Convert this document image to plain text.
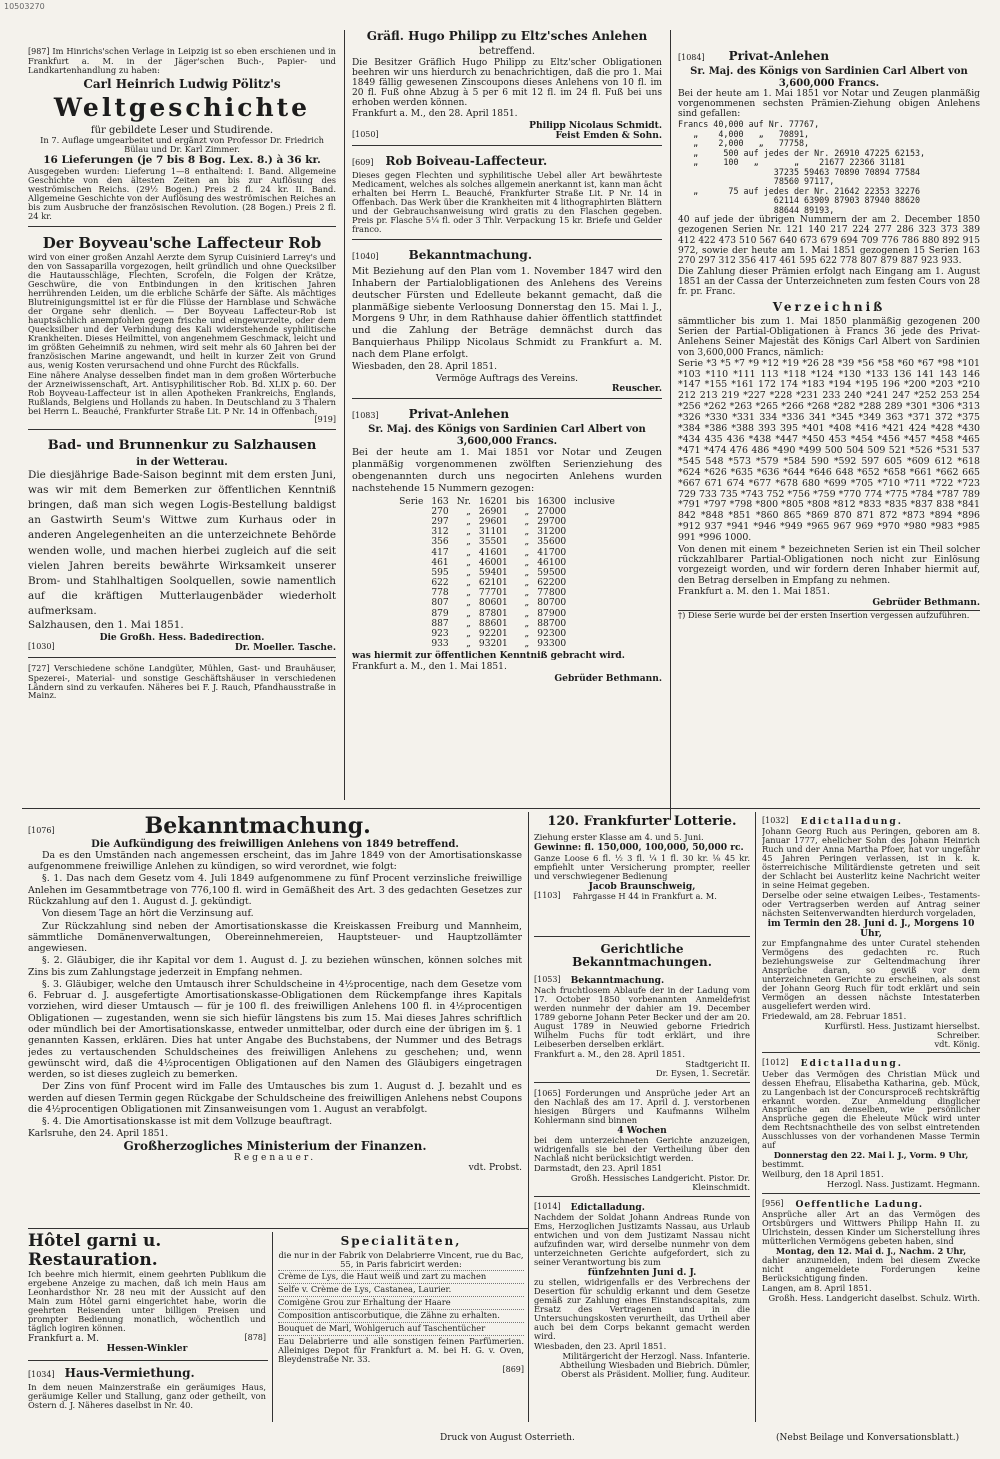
10503270

[987] Im Hinrichs'schen Verlage in Leipzig ist so eben erschienen und in Frankfurt a. M. in der Jäger'schen Buch-, Papier- und Landkartenhandlung zu haben:

Carl Heinrich Ludwig Pölitz's
Weltgeschichte
für gebildete Leser und Studirende.

In 7. Auflage umgearbeitet und ergänzt von Professor Dr. Friedrich Bülau und Dr. Karl Zimmer.

16 Lieferungen (je 7 bis 8 Bog. Lex. 8.) à 36 kr.

Ausgegeben wurden: Lieferung 1—8 enthaltend: I. Band. Allgemeine Geschichte von den ältesten Zeiten an bis zur Auflösung des weströmischen Reichs. (29½ Bogen.) Preis 2 fl. 24 kr. II. Band. Allgemeine Geschichte von der Auflösung des weströmischen Reiches an bis zum Ausbruche der französischen Revolution. (28 Bogen.) Preis 2 fl. 24 kr.

Der Boyveau'sche Laffecteur Rob

wird von einer großen Anzahl Aerzte dem Syrup Cuisinierd Larrey's und den von Sassaparilla vorgezogen, heilt gründlich und ohne Quecksilber die Hautausschläge, Flechten, Scrofeln, die Folgen der Krätze, Geschwüre, die von Entbindungen in den kritischen Jahren herrührenden Leiden, um die erbliche Schärfe der Säfte. Als mächtiges Blutreinigungsmittel ist er für die Flüsse der Harnblase und Schwäche der Organe sehr dienlich. — Der Boyveau Laffecteur-Rob ist hauptsächlich anempfohlen gegen frische und eingewurzelte, oder dem Quecksilber und der Verbindung des Kali widerstehende syphilitische Krankheiten. Dieses Heilmittel, von angenehmem Geschmack, leicht und im größten Geheimniß zu nehmen, wird seit mehr als 60 Jahren bei der französischen Marine angewandt, und heilt in kurzer Zeit von Grund aus, wenig Kosten verursachend und ohne Furcht des Rückfalls.

Eine nähere Analyse desselben findet man in dem großen Wörterbuche der Arzneiwissenschaft, Art. Antisyphilitischer Rob. Bd. XLIX p. 60. Der Rob Boyveau-Laffecteur ist in allen Apotheken Frankreichs, Englands, Rußlands, Belgiens und Hollands zu haben. In Deutschland zu 3 Thalern bei Herrn L. Beauché, Frankfurter Straße Lit. P Nr. 14 in Offenbach.

[919]
Bad- und Brunnenkur zu Salzhausen
in der Wetterau.

Die diesjährige Bade-Saison beginnt mit dem ersten Juni, was wir mit dem Bemerken zur öffentlichen Kenntniß bringen, daß man sich wegen Logis-Bestellung baldigst an Gastwirth Seum's Wittwe zum Kurhaus oder in anderen Angelegenheiten an die unterzeichnete Behörde wenden wolle, und machen hierbei zugleich auf die seit vielen Jahren bereits bewährte Wirksamkeit unserer Brom- und Stahlhaltigen Soolquellen, sowie namentlich auf die kräftigen Mutterlaugenbäder wiederholt aufmerksam.

Salzhausen, den 1. Mai 1851.

Die Großh. Hess. Badedirection.
[1030]	Dr. Moeller. Tasche.

[727] Verschiedene schöne Landgüter, Mühlen, Gast- und Brauhäuser, Spezerei-, Material- und sonstige Geschäftshäuser in verschiedenen Ländern sind zu verkaufen. Näheres bei F. J. Rauch, Pfandhausstraße in Mainz.

Gräfl. Hugo Philipp zu Eltz'sches Anlehen
betreffend.

Die Besitzer Gräflich Hugo Philipp zu Eltz'scher Obligationen beehren wir uns hierdurch zu benachrichtigen, daß die pro 1. Mai 1849 fällig gewesenen Zinscoupons dieses Anlehens von 10 fl. im 20 fl. Fuß ohne Abzug à 5 per 6 mit 12 fl. im 24 fl. Fuß bei uns erhoben werden können.

Frankfurt a. M., den 28. April 1851.

Philipp Nicolaus Schmidt.
[1050]	Feist Emden & Sohn.
[609] Rob Boiveau-Laffecteur.

Dieses gegen Flechten und syphilitische Uebel aller Art bewährteste Medicament, welches als solches allgemein anerkannt ist, kann man ächt erhalten bei Herrn L. Beauché, Frankfurter Straße Lit. P Nr. 14 in Offenbach. Das Werk über die Krankheiten mit 4 lithographirten Blättern und der Gebrauchsanweisung wird gratis zu den Flaschen gegeben. Preis pr. Flasche 5¼ fl. oder 3 Thlr. Verpackung 15 kr. Briefe und Gelder franco.

[1040]	Bekanntmachung.

Mit Beziehung auf den Plan vom 1. November 1847 wird den Inhabern der Partialobligationen des Anlehens des Vereins deutscher Fürsten und Edelleute bekannt gemacht, daß die planmäßige siebente Verloosung Donnerstag den 15. Mai l. J., Morgens 9 Uhr, in dem Rathhause dahier öffentlich stattfindet und die Zahlung der Beträge demnächst durch das Banquierhaus Philipp Nicolaus Schmidt zu Frankfurt a. M. nach dem Plane erfolgt.

Wiesbaden, den 28. April 1851.

Vermöge Auftrags des Vereins.
Reuscher.
[1083]	Privat-Anlehen
Sr. Maj. des Königs von Sardinien Carl Albert von 3,600,000 Francs.

Bei der heute am 1. Mai 1851 vor Notar und Zeugen planmäßig vorgenommenen zwölften Serienziehung des obengenannten durch uns negocirten Anlehens wurden nachstehende 15 Nummern gezogen:

Serie	163	Nr.	16201	bis	16300	inclusive
	270	„	26901	„	27000	
	297	„	29601	„	29700	
	312	„	31101	„	31200	
	356	„	35501	„	35600	
	417	„	41601	„	41700	
	461	„	46001	„	46100	
	595	„	59401	„	59500	
	622	„	62101	„	62200	
	778	„	77701	„	77800	
	807	„	80601	„	80700	
	879	„	87801	„	87900	
	887	„	88601	„	88700	
	923	„	92201	„	92300	
	933	„	93201	„	93300	

was hiermit zur öffentlichen Kenntniß gebracht wird.

Frankfurt a. M., den 1. Mai 1851.

Gebrüder Bethmann.
[1084] Privat-Anlehen
Sr. Maj. des Königs von Sardinien Carl Albert von 3,600,000 Francs.

Bei der heute am 1. Mai 1851 vor Notar und Zeugen planmäßig vorgenommenen sechsten Prämien-Ziehung obigen Anlehens sind gefallen:

Francs 40,000 auf Nr. 77767,
„    4,000   „   70891,
„    2,000   „   77758,
„     500 auf jedes der Nr. 26910 47225 62153,
„     100   „       „    21677 22366 31181
37235 59463 70890 70894 77584
78560 97117,
„      75 auf jedes der Nr. 21642 22353 32276
62114 63909 87903 87940 88620
88644 89193,

40 auf jede der übrigen Nummern der am 2. December 1850 gezogenen Serien Nr. 121 140 217 224 277 286 323 373 389 412 422 473 510 567 640 673 679 694 709 776 786 880 892 915 972, sowie der heute am 1. Mai 1851 gezogenen 15 Serien 163 270 297 312 356 417 461 595 622 778 807 879 887 923 933.

Die Zahlung dieser Prämien erfolgt nach Eingang am 1. August 1851 an der Cassa der Unterzeichneten zum festen Cours von 28 fr. pr. Franc.

Verzeichniß

sämmtlicher bis zum 1. Mai 1850 planmäßig gezogenen 200 Serien der Partial-Obligationen à Francs 36 jede des Privat-Anlehens Seiner Majestät des Königs Carl Albert von Sardinien von 3,600,000 Francs, nämlich:

Serie *3 *5 *7 *9 *12 *19 *26 28 *39 *56 *58 *60 *67 *98 *101 *103 *110 *111 113 *118 *124 *130 *133 136 141 143 146 *147 *155 *161 172 174 *183 *194 *195 196 *200 *203 *210 212 213 219 *227 *228 *231 233 240 *241 247 *252 253 254 *256 *262 *263 *265 *266 *268 *282 *288 289 *301 *306 *313 *326 *330 *331 334 *336 341 *345 *349 363 *371 372 *375 *384 *386 *388 393 395 *401 *408 *416 *421 424 *428 *430 *434 435 436 *438 *447 *450 453 *454 *456 *457 *458 *465 *471 *474 476 486 *490 *499 500 504 509 521 *526 *531 537 *545 548 *573 *579 *584 590 *592 597 605 *609 612 *618 *624 *626 *635 *636 *644 *646 648 *652 *658 *661 *662 665 *667 671 674 *677 *678 680 *699 *705 *710 *711 *722 *723 729 733 735 *743 752 *756 *759 *770 774 *775 *784 *787 789 *791 *797 *798 *800 *805 *808 *812 *833 *835 *837 838 *841 842 *848 *851 *860 865 *869 870 871 872 *873 *894 *896 *912 937 *941 *946 *949 *965 967 969 *970 *980 *983 *985 991 *996 1000.

Von denen mit einem * bezeichneten Serien ist ein Theil solcher rückzahlbarer Partial-Obligationen noch nicht zur Einlösung vorgezeigt worden, und wir fordern deren Inhaber hiermit auf, den Betrag derselben in Empfang zu nehmen.

Frankfurt a. M. den 1. Mai 1851.

Gebrüder Bethmann.

†) Diese Serie wurde bei der ersten Insertion vergessen aufzuführen.

[1076]	Bekanntmachung.
Die Aufkündigung des freiwilligen Anlehens von 1849 betreffend.

Da es den Umständen nach angemessen erscheint, das im Jahre 1849 von der Amortisationskasse aufgenommene freiwillige Anlehen zu kündigen, so wird verordnet, wie folgt:

§. 1. Das nach dem Gesetz vom 4. Juli 1849 aufgenommene zu fünf Procent verzinsliche freiwillige Anlehen im Gesammtbetrage von 776,100 fl. wird in Gemäßheit des Art. 3 des gedachten Gesetzes zur Rückzahlung auf den 1. August d. J. gekündigt.

Von diesem Tage an hört die Verzinsung auf.

Zur Rückzahlung sind neben der Amortisationskasse die Kreiskassen Freiburg und Mannheim, sämmtliche Domänenverwaltungen, Obereinnehmereien, Hauptsteuer- und Hauptzollämter angewiesen.

§. 2. Gläubiger, die ihr Kapital vor dem 1. August d. J. zu beziehen wünschen, können solches mit Zins bis zum Zahlungstage jederzeit in Empfang nehmen.

§. 3. Gläubiger, welche den Umtausch ihrer Schuldscheine in 4½procentige, nach dem Gesetze vom 6. Februar d. J. ausgefertigte Amortisationskasse-Obligationen dem Rückempfange ihres Kapitals vorziehen, wird dieser Umtausch — für je 100 fl. des freiwilligen Anlehens 100 fl. in 4½procentigen Obligationen — zugestanden, wenn sie sich hiefür längstens bis zum 15. Mai dieses Jahres schriftlich oder mündlich bei der Amortisationskasse, entweder unmittelbar, oder durch eine der übrigen im §. 1 genannten Kassen, erklären. Dies hat unter Angabe des Buchstabens, der Nummer und des Betrags jedes zu vertauschenden Schuldscheines des freiwilligen Anlehens zu geschehen; und, wenn gewünscht wird, daß die 4½procentigen Obligationen auf den Namen des Gläubigers eingetragen werden, so ist dieses zugleich zu bemerken.

Der Zins von fünf Procent wird im Falle des Umtausches bis zum 1. August d. J. bezahlt und es werden auf diesen Termin gegen Rückgabe der Schuldscheine des freiwilligen Anlehens nebst Coupons die 4½procentigen Obligationen mit Zinsanweisungen vom 1. August an verabfolgt.

§. 4. Die Amortisationskasse ist mit dem Vollzuge beauftragt.

Karlsruhe, den 24. April 1851.

Großherzogliches Ministerium der Finanzen.
Regenauer.
vdt. Probst.
Hôtel garni u. Restauration.

Ich beehre mich hiermit, einem geehrten Publikum die ergebene Anzeige zu machen, daß ich mein Haus am Leonhardsthor Nr. 28 neu mit der Aussicht auf den Main zum Hôtel garni eingerichtet habe, worin die geehrten Reisenden unter billigen Preisen und prompter Bedienung monatlich, wöchentlich und täglich logiren können.

Frankfurt a. M.	[878]
Hessen-Winkler
[1034] Haus-Vermiethung.

In dem neuen Mainzerstraße ein geräumiges Haus, geräumige Keller und Stallung, ganz oder getheilt, von Ostern d. J. Näheres daselbst in Nr. 40.

Specialitäten,

die nur in der Fabrik von Delabrierre Vincent, rue du Bac, 55, in Paris fabricirt werden:

Crème de Lys, die Haut weiß und zart zu machen

Selfe v. Crème de Lys, Castanea, Laurier.

Comigène Grou zur Erhaltung der Haare

Composition antiscorbutique, die Zähne zu erhalten.

Bouquet de Marl, Wohlgeruch auf Taschentücher

Eau Delabrierre und alle sonstigen feinen Parfümerien. Alleiniges Depot für Frankfurt a. M. bei H. G. v. Oven, Bleydenstraße Nr. 33.

[869]
120. Frankfurter Lotterie.

Ziehung erster Klasse am 4. und 5. Juni.

Gewinne: fl. 150,000, 100,000, 50,000 rc.

Ganze Loose 6 fl. ½ 3 fl. ¼ 1 fl. 30 kr. ⅛ 45 kr. empfiehlt unter Versicherung prompter, reeller und verschwiegener Bedienung

Jacob Braunschweig,
[1103] Fahrgasse H 44 in Frankfurt a. M.
Gerichtliche Bekanntmachungen.
[1053] Bekanntmachung.

Nach fruchtlosem Ablaufe der in der Ladung vom 17. October 1850 vorbenannten Anmeldefrist werden nunmehr der dahier am 19. December 1789 geborne Johann Peter Becker und der am 20. August 1789 in Neuwied geborne Friedrich Wilhelm Fuchs für todt erklärt, und ihre Leibeserben derselben erklärt.

Frankfurt a. M., den 28. April 1851.

Stadtgericht II.
Dr. Eysen, 1. Secretär.

[1065] Forderungen und Ansprüche jeder Art an den Nachlaß des am 17. April d. J. verstorbenen hiesigen Bürgers und Kaufmanns Wilhelm Kohlermann sind binnen

4 Wochen

bei dem unterzeichneten Gerichte anzuzeigen, widrigenfalls sie bei der Vertheilung über den Nachlaß nicht berücksichtigt werden.

Darmstadt, den 23. April 1851

Großh. Hessisches Landgericht. Pistor. Dr. Kleinschmidt.
[1014] Edictalladung.

Nachdem der Soldat Johann Andreas Runde von Ems, Herzoglichen Justizamts Nassau, aus Urlaub entwichen und von dem Justizamt Nassau nicht aufzufinden war, wird derselbe nunmehr von dem unterzeichneten Gerichte aufgefordert, sich zu seiner Verantwortung bis zum

fünfzehnten Juni d. J.

zu stellen, widrigenfalls er des Verbrechens der Desertion für schuldig erkannt und dem Gesetze gemäß zur Zahlung eines Einstandscapitals, zum Ersatz des Vertragenen und in die Untersuchungskosten verurtheilt, das Urtheil aber auch bei dem Corps bekannt gemacht werden wird.

Wiesbaden, den 23. April 1851.

Militärgericht der Herzogl. Nass. Infanterie. Abtheilung Wiesbaden und Biebrich. Dümler, Oberst als Präsident. Mollier, fung. Auditeur.
[1032] Edictalladung.

Johann Georg Ruch aus Peringen, geboren am 8. Januar 1777, ehelicher Sohn des Johann Heinrich Ruch und der Anna Martha Pfoer, hat vor ungefähr 45 Jahren Peringen verlassen, ist in k. k. österreichische Militärdienste getreten und seit der Schlacht bei Austerlitz keine Nachricht weiter in seine Heimat gegeben.

Derselbe oder seine etwaigen Leibes-, Testaments- oder Vertragserben werden auf Antrag seiner nächsten Seitenverwandten hierdurch vorgeladen,

im Termin den 28. Juni d. J., Morgens 10 Uhr,

zur Empfangnahme des unter Curatel stehenden Vermögens des gedachten rc. Ruch beziehungsweise zur Geltendmachung ihrer Ansprüche daran, so gewiß vor dem unterzeichneten Gerichte zu erscheinen, als sonst der Johann Georg Ruch für todt erklärt und sein Vermögen an dessen nächste Intestaterben ausgeliefert werden wird.

Friedewald, am 28. Februar 1851.

Kurfürstl. Hess. Justizamt hierselbst.
Schreiber.
vdt. König.
[1012] Edictalladung.

Ueber das Vermögen des Christian Mück und dessen Ehefrau, Elisabetha Katharina, geb. Mück, zu Langenbach ist der Concursproceß rechtskräftig erkannt worden. Zur Anmeldung dinglicher Ansprüche an denselben, wie persönlicher Ansprüche gegen die Eheleute Mück wird unter dem Rechtsnachtheile des von selbst eintretenden Ausschlusses von der vorhandenen Masse Termin auf

Donnerstag den 22. Mai l. J., Vorm. 9 Uhr,

bestimmt.

Weilburg, den 18 April 1851.

Herzogl. Nass. Justizamt. Hegmann.
[956] Oeffentliche Ladung.

Ansprüche aller Art an das Vermögen des Ortsbürgers und Wittwers Philipp Hahn II. zu Ulrichstein, dessen Kinder um Sicherstellung ihres mütterlichen Vermögens gebeten haben, sind

Montag, den 12. Mai d. J., Nachm. 2 Uhr,

dahier anzumelden, indem bei diesem Zwecke nicht angemeldete Forderungen keine Berücksichtigung finden.

Langen, am 8. April 1851.

Großh. Hess. Landgericht daselbst. Schulz. Wirth.
Druck von August Osterrieth.	(Nebst Beilage und Konversationsblatt.)
